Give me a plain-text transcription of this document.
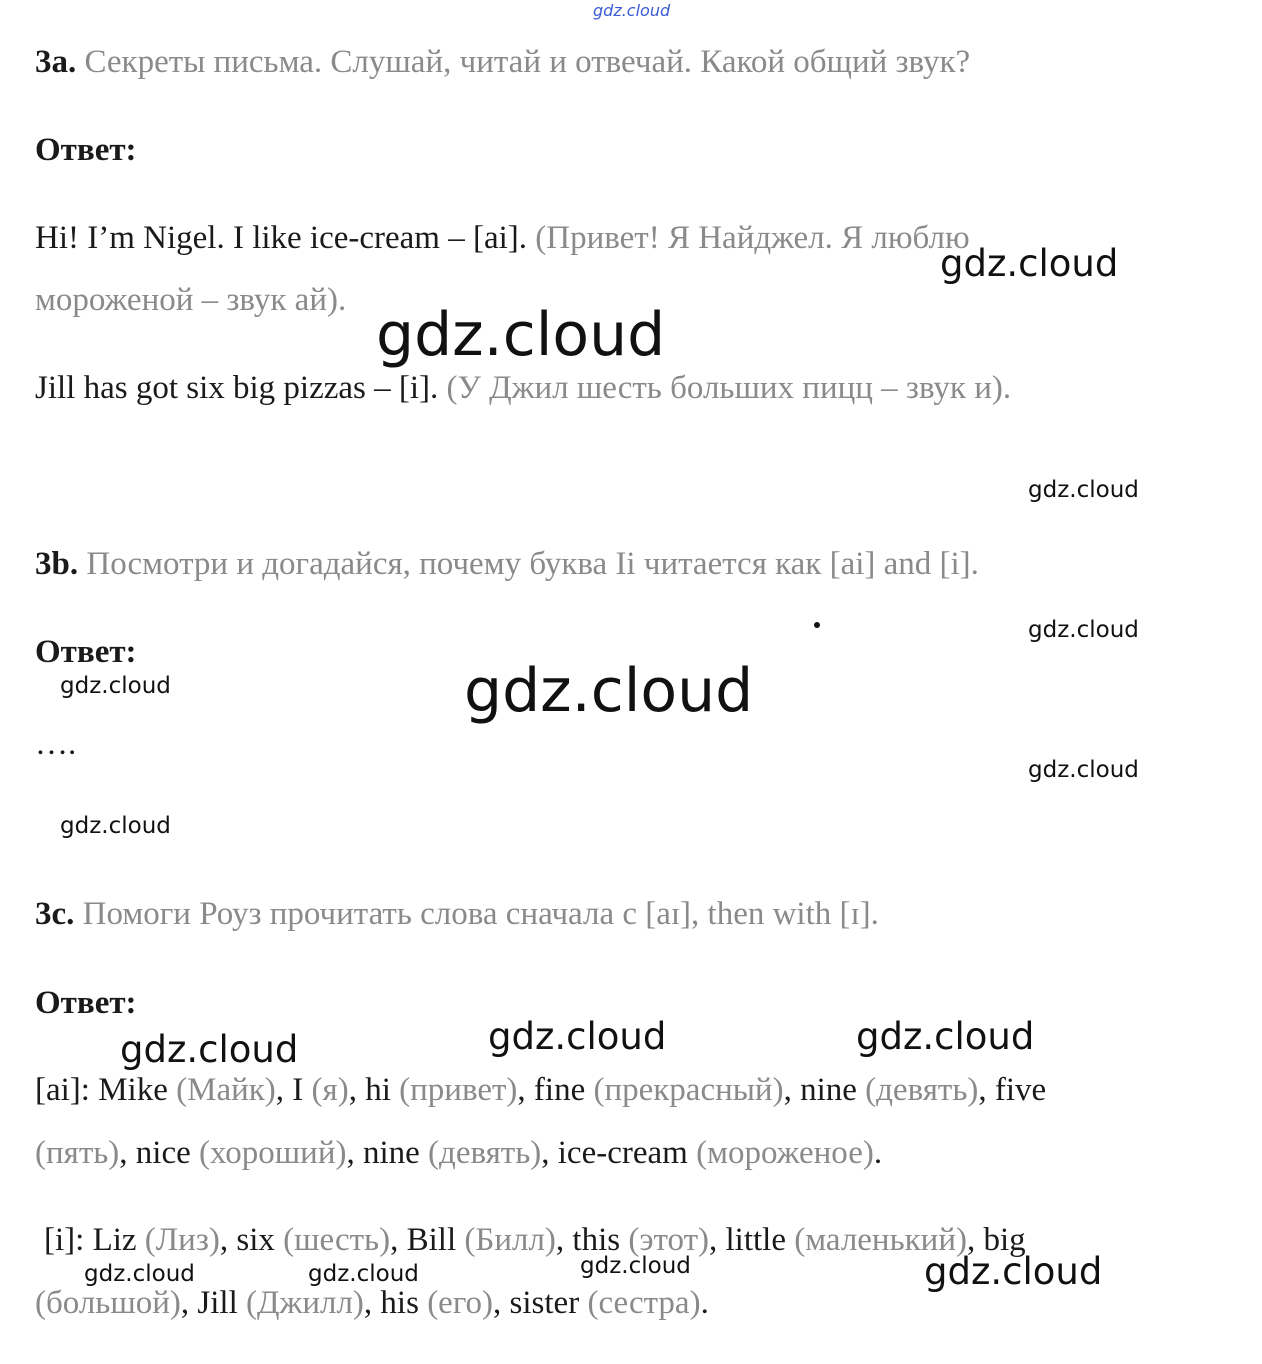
gdz.cloud
3a. Секреты письма. Слушай, читай и отвечай. Какой общий звук?
Ответ:
Hi! I’m Nigel. I like ice-cream – [ai]. (Привет! Я Найджел. Я люблю
мороженой – звук ай).
Jill has got six big pizzas – [i]. (У Джил шесть больших пицц – звук и).
3b. Посмотри и догадайся, почему буква Ii читается как [ai] and [i].
Ответ:
….
3c. Помоги Роуз прочитать слова сначала с [aɪ], then with [ɪ].
Ответ:
[ai]: Mike (Майк), I (я), hi (привет), fine (прекрасный), nine (девять), five
(пять), nice (хороший), nine (девять), ice-cream (мороженое).
[i]: Liz (Лиз), six (шесть), Bill (Билл), this (этот), little (маленький), big
(большой), Jill (Джилл), his (его), sister (сестра).
gdz.cloud
gdz.cloud
gdz.cloud
gdz.cloud
gdz.cloud	gdz.cloud
gdz.cloud
gdz.cloud
gdz.cloud	gdz.cloud	gdz.cloud
gdz.cloud	gdz.cloud	gdz.cloud	gdz.cloud
